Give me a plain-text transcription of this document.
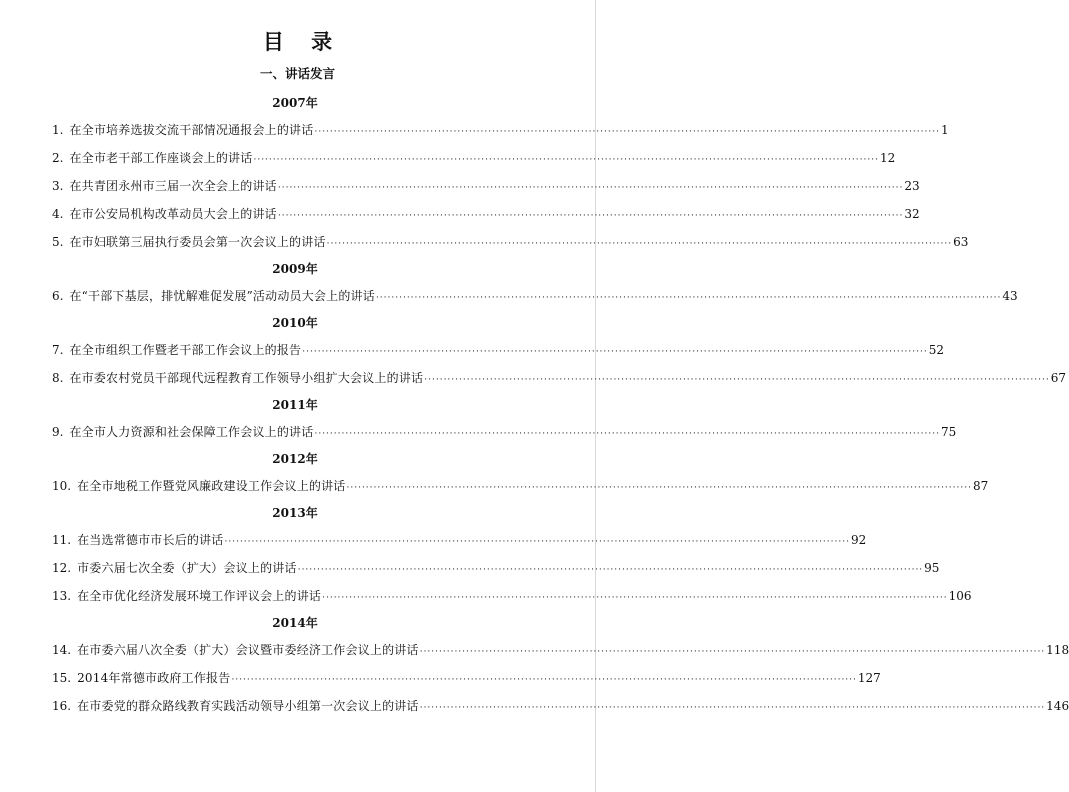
目 录
一、讲话发言
2007年
1. 在全市培养选拔交流干部情况通报会上的讲话 ·····	1
2. 在全市老干部工作座谈会上的讲话 ·····	12
3. 在共青团永州市三届一次全会上的讲话 ·····	23
4. 在市公安局机构改革动员大会上的讲话 ·····	32
5. 在市妇联第三届执行委员会第一次会议上的讲话 ·····	63
2009年
6. 在“干部下基层，排忧解难促发展”活动动员大会上的讲话 ·····	43
2010年
7. 在全市组织工作暨老干部工作会议上的报告 ·····	52
8. 在市委农村党员干部现代远程教育工作领导小组扩大会议上的讲话 ·····	67
2011年
9. 在全市人力资源和社会保障工作会议上的讲话 ·····	75
2012年
10. 在全市地税工作暨党风廉政建设工作会议上的讲话 ·····	87
2013年
11. 在当选常德市市长后的讲话 ·····	92
12. 市委六届七次全委（扩大）会议上的讲话 ·····	95
13. 在全市优化经济发展环境工作评议会上的讲话 ·····	106
2014年
14. 在市委六届八次全委（扩大）会议暨市委经济工作会议上的讲话 ·····	118
15. 2014年常德市政府工作报告 ·····	127
16. 在市委党的群众路线教育实践活动领导小组第一次会议上的讲话 ·····	146
